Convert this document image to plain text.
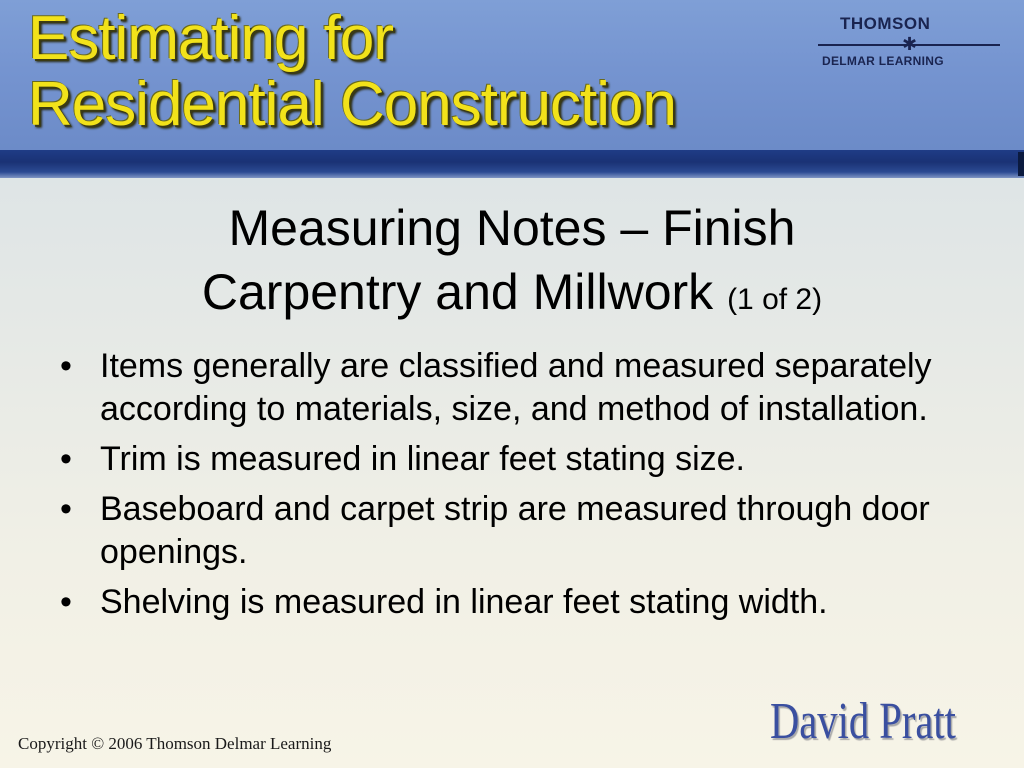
Estimating for
Residential Construction
THOMSON
✱
DELMAR LEARNING
Measuring Notes – Finish
Carpentry and Millwork (1 of 2)
• Items generally are classified and measured separately according to materials, size, and method of installation.
• Trim is measured in linear feet stating size.
• Baseboard and carpet strip are measured through door openings.
• Shelving is measured in linear feet stating width.
Copyright © 2006 Thomson Delmar Learning	David Pratt
